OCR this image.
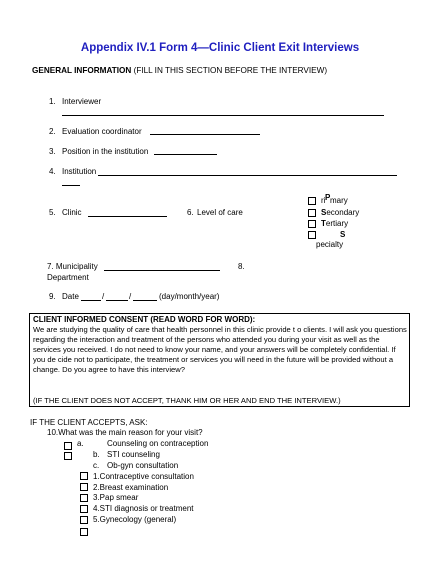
Appendix IV.1 Form 4—Clinic Client Exit Interviews
GENERAL INFORMATION (FILL IN THIS SECTION BEFORE THE INTERVIEW)
1. Interviewer
2. Evaluation coordinator
3. Position in the institution
4. Institution
5. Clinic	6. Level of care
ri P mary
Secondary
Tertiary
S
pecialty
7. Municipality	8.
Department
9. Date	/	/	(day/month/year)
CLIENT INFORMED CONSENT (READ WORD FOR WORD):
We are studying the quality of care that health personnel in this clinic provide t o clients. I will ask you questions regarding the interaction and treatment of the persons who attended you during your visit as well as the services you received. I do not need to know your name, and your answers will be completely confidential. If you de cide not to participate, the treatment or services you will need in the future will be provided without a change. Do you agree to have this interview?
(IF THE CLIENT DOES NOT ACCEPT, THANK HIM OR HER AND END THE INTERVIEW.)
IF THE CLIENT ACCEPTS, ASK:
10.What was the main reason for your visit?
a.	Counseling on contraception
b. STI counseling
c. Ob-gyn consultation
1.Contraceptive consultation
2.Breast examination
3.Pap smear
4.STI diagnosis or treatment
5.Gynecology (general)
